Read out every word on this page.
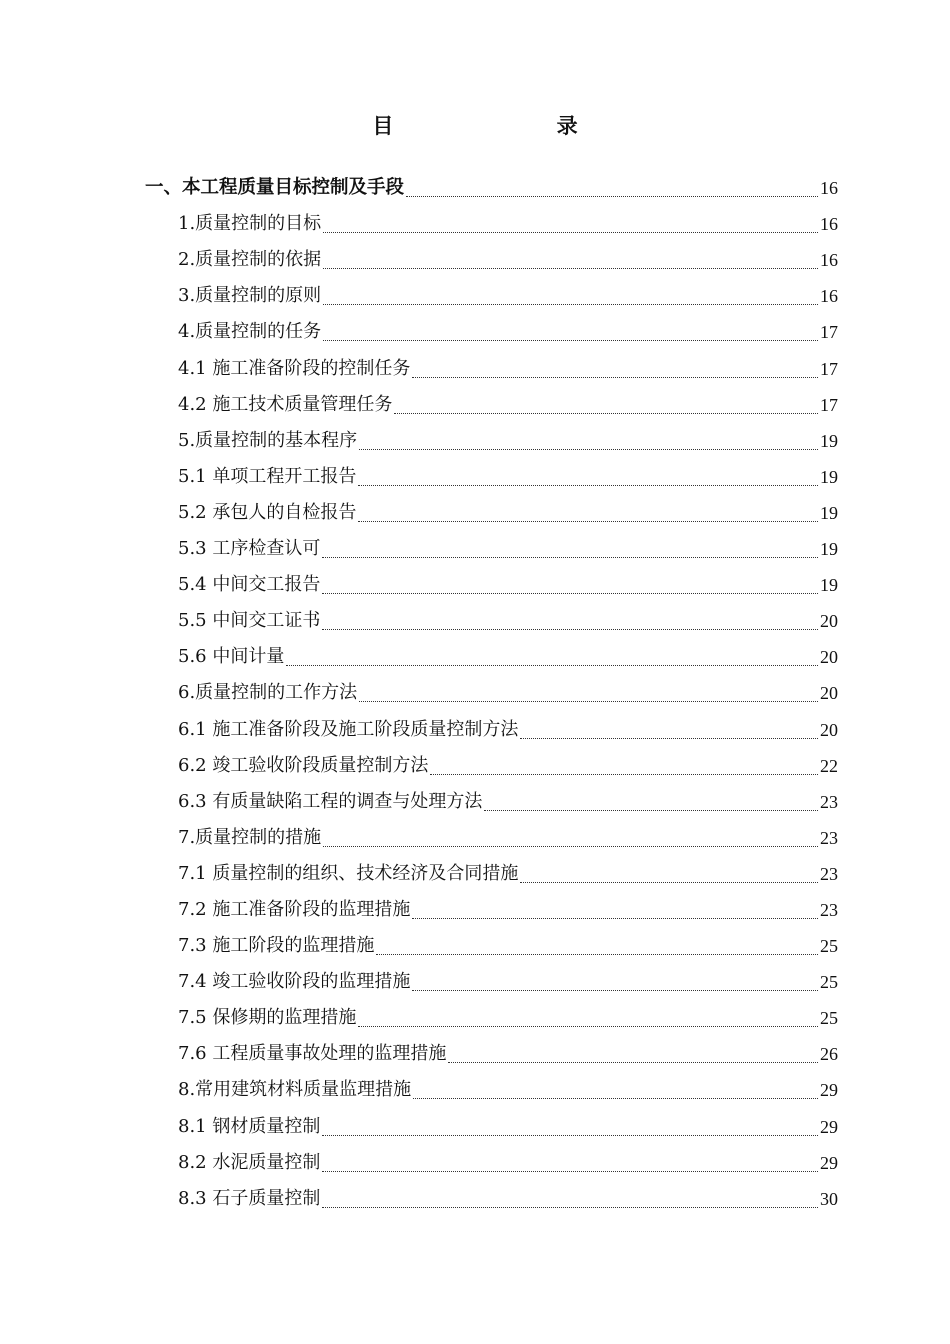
目 录
一、本工程质量目标控制及手段	16
1.质量控制的目标	16
2.质量控制的依据	16
3.质量控制的原则	16
4.质量控制的任务	17
4.1 施工准备阶段的控制任务	17
4.2 施工技术质量管理任务	17
5.质量控制的基本程序	19
5.1 单项工程开工报告	19
5.2 承包人的自检报告	19
5.3 工序检查认可	19
5.4 中间交工报告	19
5.5 中间交工证书	20
5.6 中间计量	20
6.质量控制的工作方法	20
6.1 施工准备阶段及施工阶段质量控制方法	20
6.2 竣工验收阶段质量控制方法	22
6.3 有质量缺陷工程的调查与处理方法	23
7.质量控制的措施	23
7.1 质量控制的组织、技术经济及合同措施	23
7.2 施工准备阶段的监理措施	23
7.3 施工阶段的监理措施	25
7.4 竣工验收阶段的监理措施	25
7.5 保修期的监理措施	25
7.6 工程质量事故处理的监理措施	26
8.常用建筑材料质量监理措施	29
8.1 钢材质量控制	29
8.2 水泥质量控制	29
8.3 石子质量控制	30
